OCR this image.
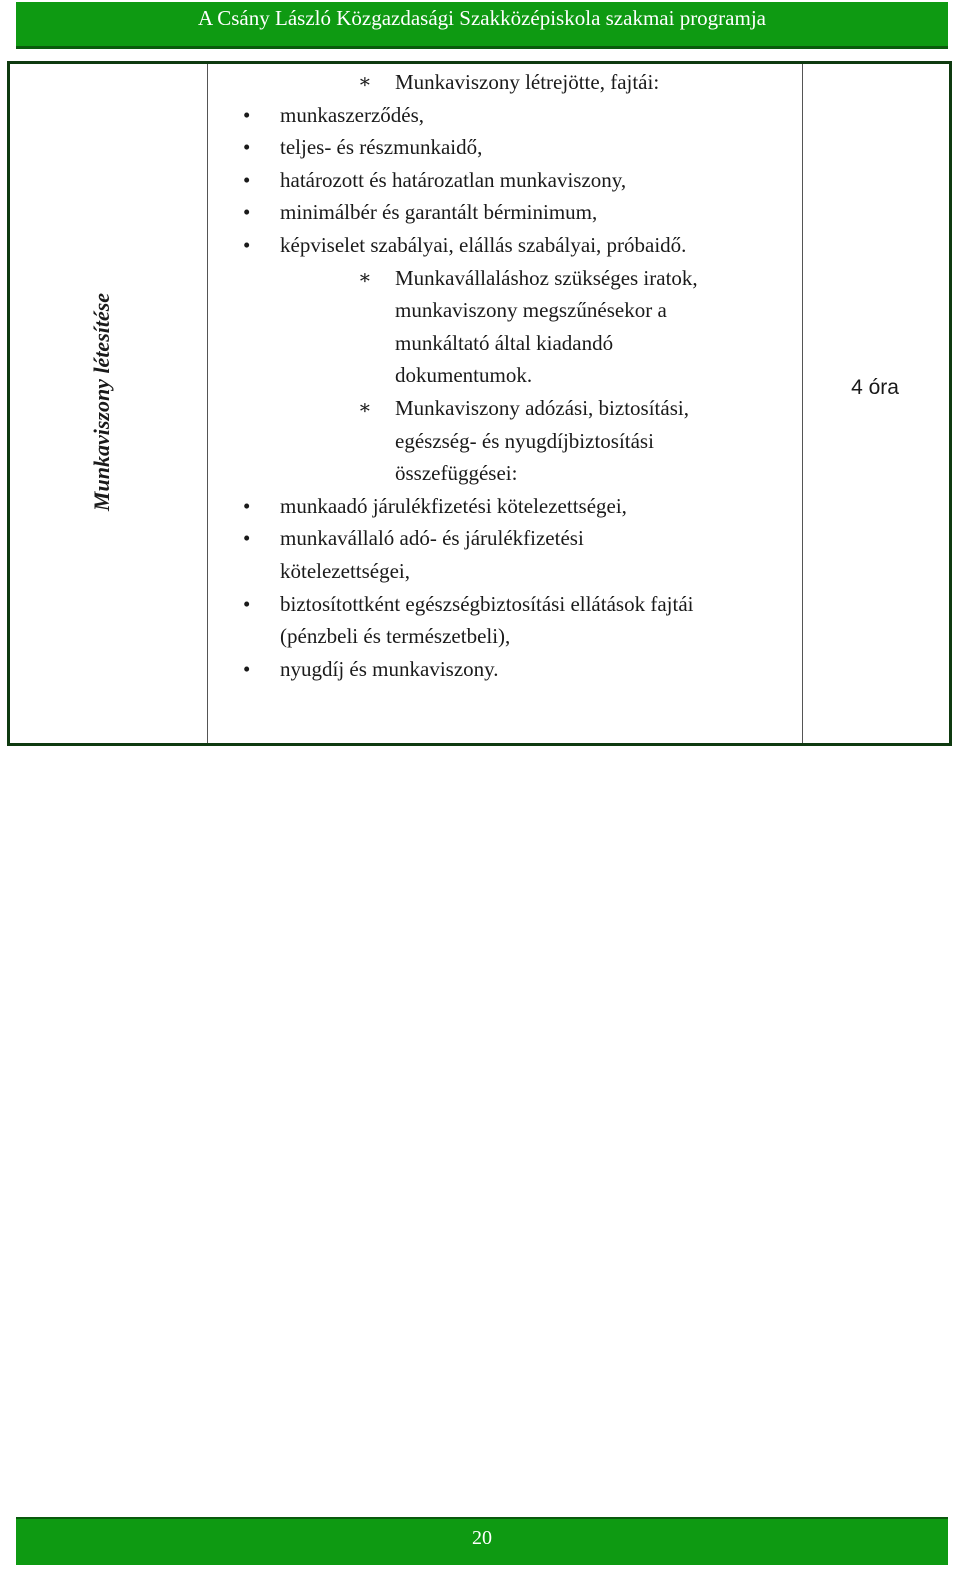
A Csány László Közgazdasági Szakközépiskola szakmai programja
Munkaviszony létesítése	4 óra
∗ Munkaviszony létrejötte, fajtái:
• munkaszerződés,
• teljes- és részmunkaidő,
• határozott és határozatlan munkaviszony,
• minimálbér és garantált bérminimum,
• képviselet szabályai, elállás szabályai, próbaidő.
∗ Munkavállaláshoz szükséges iratok,
munkaviszony megszűnésekor a
munkáltató által kiadandó
dokumentumok.
∗ Munkaviszony adózási, biztosítási,
egészség- és nyugdíjbiztosítási
összefüggései:
• munkaadó járulékfizetési kötelezettségei,
• munkavállaló adó- és járulékfizetési
kötelezettségei,
• biztosítottként egészségbiztosítási ellátások fajtái
(pénzbeli és természetbeli),
• nyugdíj és munkaviszony.
20
